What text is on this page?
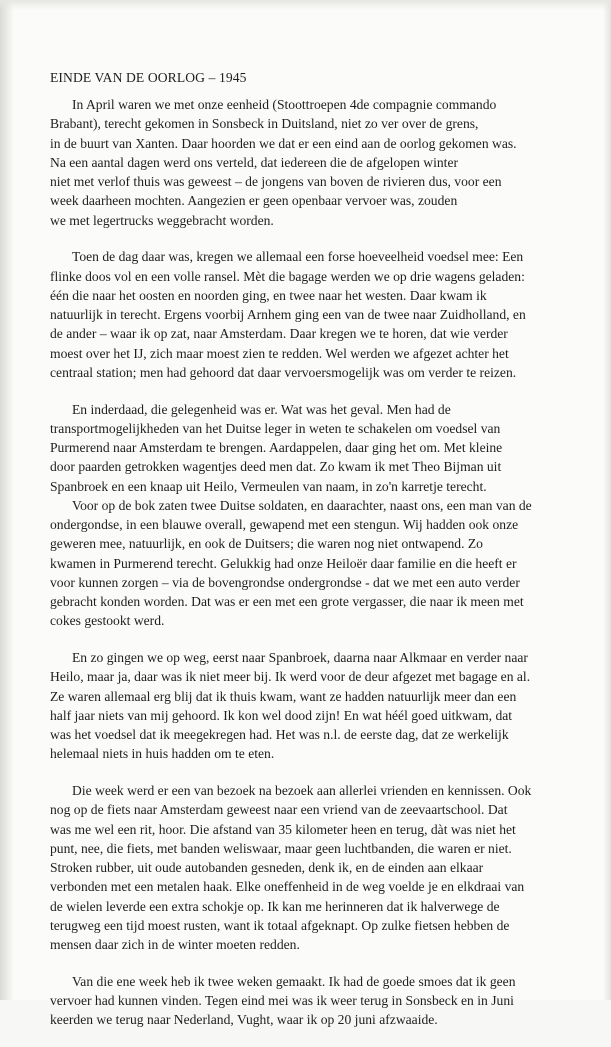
EINDE VAN DE OORLOG – 1945
In April waren we met onze eenheid (Stoottroepen 4de compagnie commando
Brabant), terecht gekomen in Sonsbeck in Duitsland, niet zo ver over de grens,
in de buurt van Xanten. Daar hoorden we dat er een eind aan de oorlog gekomen was.
Na een aantal dagen werd ons verteld, dat iedereen die de afgelopen winter
niet met verlof thuis was geweest – de jongens van boven de rivieren dus, voor een
week daarheen mochten. Aangezien er geen openbaar vervoer was, zouden
we met legertrucks weggebracht worden.
Toen de dag daar was, kregen we allemaal een forse hoeveelheid voedsel mee: Een
flinke doos vol en een volle ransel. Mèt die bagage werden we op drie wagens geladen:
één die naar het oosten en noorden ging, en twee naar het westen. Daar kwam ik
natuurlijk in terecht. Ergens voorbij Arnhem ging een van de twee naar Zuidholland, en
de ander – waar ik op zat, naar Amsterdam. Daar kregen we te horen, dat wie verder
moest over het IJ, zich maar moest zien te redden. Wel werden we afgezet achter het
centraal station; men had gehoord dat daar vervoersmogelijk was om verder te reizen.
En inderdaad, die gelegenheid was er. Wat was het geval. Men had de
transportmogelijkheden van het Duitse leger in weten te schakelen om voedsel van
Purmerend naar Amsterdam te brengen. Aardappelen, daar ging het om. Met kleine
door paarden getrokken wagentjes deed men dat. Zo kwam ik met Theo Bijman uit
Spanbroek en een knaap uit Heilo, Vermeulen van naam, in zo'n karretje terecht.
Voor op de bok zaten twee Duitse soldaten, en daarachter, naast ons, een man van de
ondergondse, in een blauwe overall, gewapend met een stengun. Wij hadden ook onze
geweren mee, natuurlijk, en ook de Duitsers; die waren nog niet ontwapend. Zo
kwamen in Purmerend terecht. Gelukkig had onze Heiloër daar familie en die heeft er
voor kunnen zorgen – via de bovengrondse ondergrondse - dat we met een auto verder
gebracht konden worden. Dat was er een met een grote vergasser, die naar ik meen met
cokes gestookt werd.
En zo gingen we op weg, eerst naar Spanbroek, daarna naar Alkmaar en verder naar
Heilo, maar ja, daar was ik niet meer bij. Ik werd voor de deur afgezet met bagage en al.
Ze waren allemaal erg blij dat ik thuis kwam, want ze hadden natuurlijk meer dan een
half jaar niets van mij gehoord. Ik kon wel dood zijn! En wat héél goed uitkwam, dat
was het voedsel dat ik meegekregen had. Het was n.l. de eerste dag, dat ze werkelijk
helemaal niets in huis hadden om te eten.
Die week werd er een van bezoek na bezoek aan allerlei vrienden en kennissen. Ook
nog op de fiets naar Amsterdam geweest naar een vriend van de zeevaartschool. Dat
was me wel een rit, hoor. Die afstand van 35 kilometer heen en terug, dàt was niet het
punt, nee, die fiets, met banden weliswaar, maar geen luchtbanden, die waren er niet.
Stroken rubber, uit oude autobanden gesneden, denk ik, en de einden aan elkaar
verbonden met een metalen haak. Elke oneffenheid in de weg voelde je en elkdraai van
de wielen leverde een extra schokje op. Ik kan me herinneren dat ik halverwege de
terugweg een tijd moest rusten, want ik totaal afgeknapt. Op zulke fietsen hebben de
mensen daar zich in de winter moeten redden.
Van die ene week heb ik twee weken gemaakt. Ik had de goede smoes dat ik geen
vervoer had kunnen vinden. Tegen eind mei was ik weer terug in Sonsbeck en in Juni
keerden we terug naar Nederland, Vught, waar ik op 20 juni afzwaaide.
